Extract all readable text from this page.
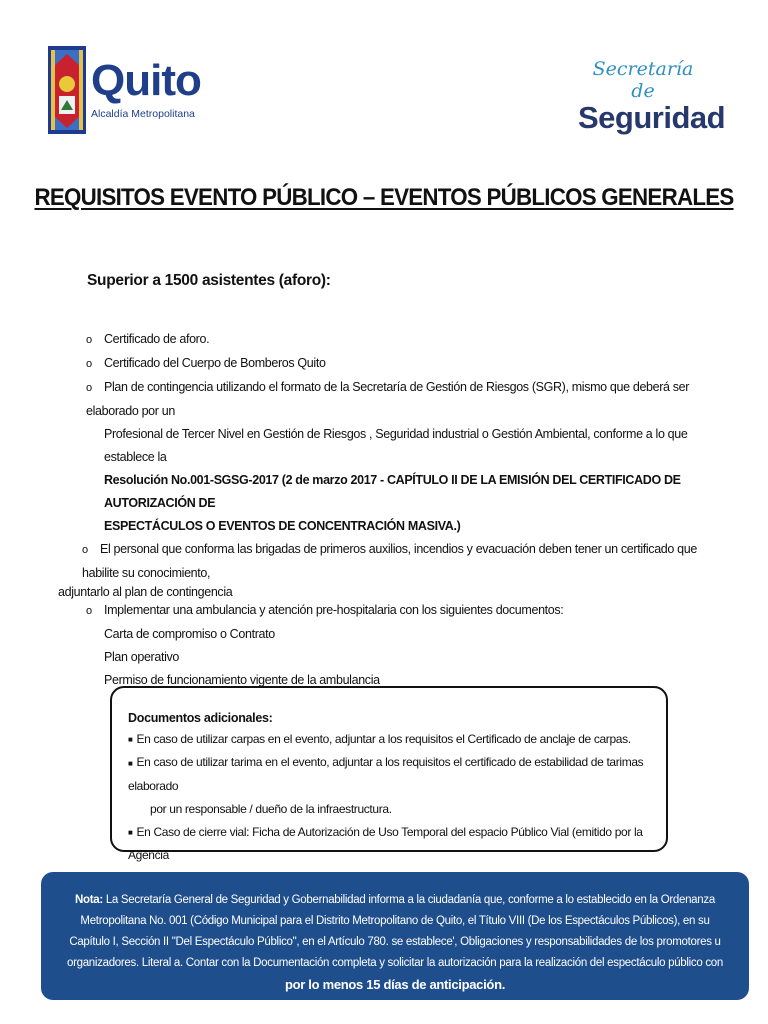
Quito
Alcaldía Metropolitana
Secretaría de
Seguridad
REQUISITOS EVENTO PÚBLICO – EVENTOS PÚBLICOS GENERALES
Superior a 1500 asistentes (aforo):
o Certificado de aforo.
o Certificado del Cuerpo de Bomberos Quito
o Plan de contingencia utilizando el formato de la Secretaría de Gestión de Riesgos (SGR), mismo que deberá ser elaborado por un
Profesional de Tercer Nivel en Gestión de Riesgos , Seguridad industrial o Gestión Ambiental, conforme a lo que establece la
Resolución No.001-SGSG-2017 (2 de marzo 2017 - CAPÍTULO II DE LA EMISIÓN DEL CERTIFICADO DE AUTORIZACIÓN DE
ESPECTÁCULOS O EVENTOS DE CONCENTRACIÓN MASIVA.)
o El personal que conforma las brigadas de primeros auxilios, incendios y evacuación deben tener un certificado que habilite su conocimiento,
adjuntarlo al plan de contingencia
o Implementar una ambulancia y atención pre-hospitalaria con los siguientes documentos:
Carta de compromiso o Contrato
Plan operativo
Permiso de funcionamiento vigente de la ambulancia
Documentos adicionales:
■ En caso de utilizar carpas en el evento, adjuntar a los requisitos el Certificado de anclaje de carpas.
■ En caso de utilizar tarima en el evento, adjuntar a los requisitos el certificado de estabilidad de tarimas elaborado
por un responsable / dueño de la infraestructura.
■ En Caso de cierre vial: Ficha de Autorización de Uso Temporal del espacio Público Vial (emitido por la Agencia
Nota: La Secretaría General de Seguridad y Gobernabilidad informa a la ciudadanía que, conforme a lo establecido en la Ordenanza Metropolitana No. 001 (Código Municipal para el Distrito Metropolitano de Quito, el Título VIII (De los Espectáculos Públicos), en su Capítulo I, Sección II "Del Espectáculo Público", en el Artículo 780. se establece', Obligaciones y responsabilidades de los promotores u organizadores. Literal a. Contar con la Documentación completa y solicitar la autorización para la realización del espectáculo público con por lo menos 15 días de anticipación.
